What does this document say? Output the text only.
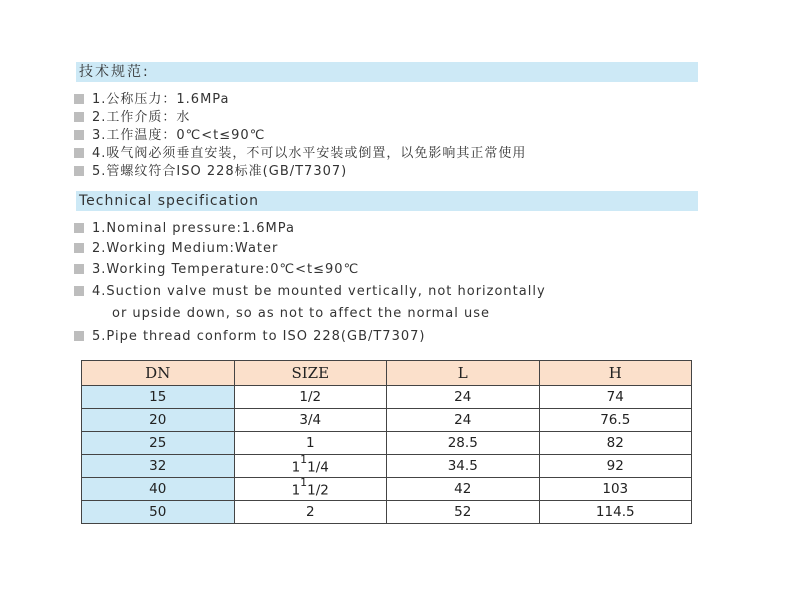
技术规范:
1.公称压力：1.6MPa
2.工作介质：水
3.工作温度：0℃<t≤90℃
4.吸气阀必须垂直安装，不可以水平安装或倒置，以免影响其正常使用
5.管螺纹符合ISO 228标准(GB/T7307)
Technical specification
1.Nominal pressure:1.6MPa
2.Working Medium:Water
3.Working Temperature:0℃<t≤90℃
4.Suction valve must be mounted vertically, not horizontally
or upside down, so as not to affect the normal use
5.Pipe thread conform to ISO 228(GB/T7307)
DN	SIZE	L	H
15	1/2	24	74
20	3/4	24	76.5
25	1	28.5	82
32	$1^11/4$	34.5	92
40	$1^11/2$	42	103
50	2	52	114.5
